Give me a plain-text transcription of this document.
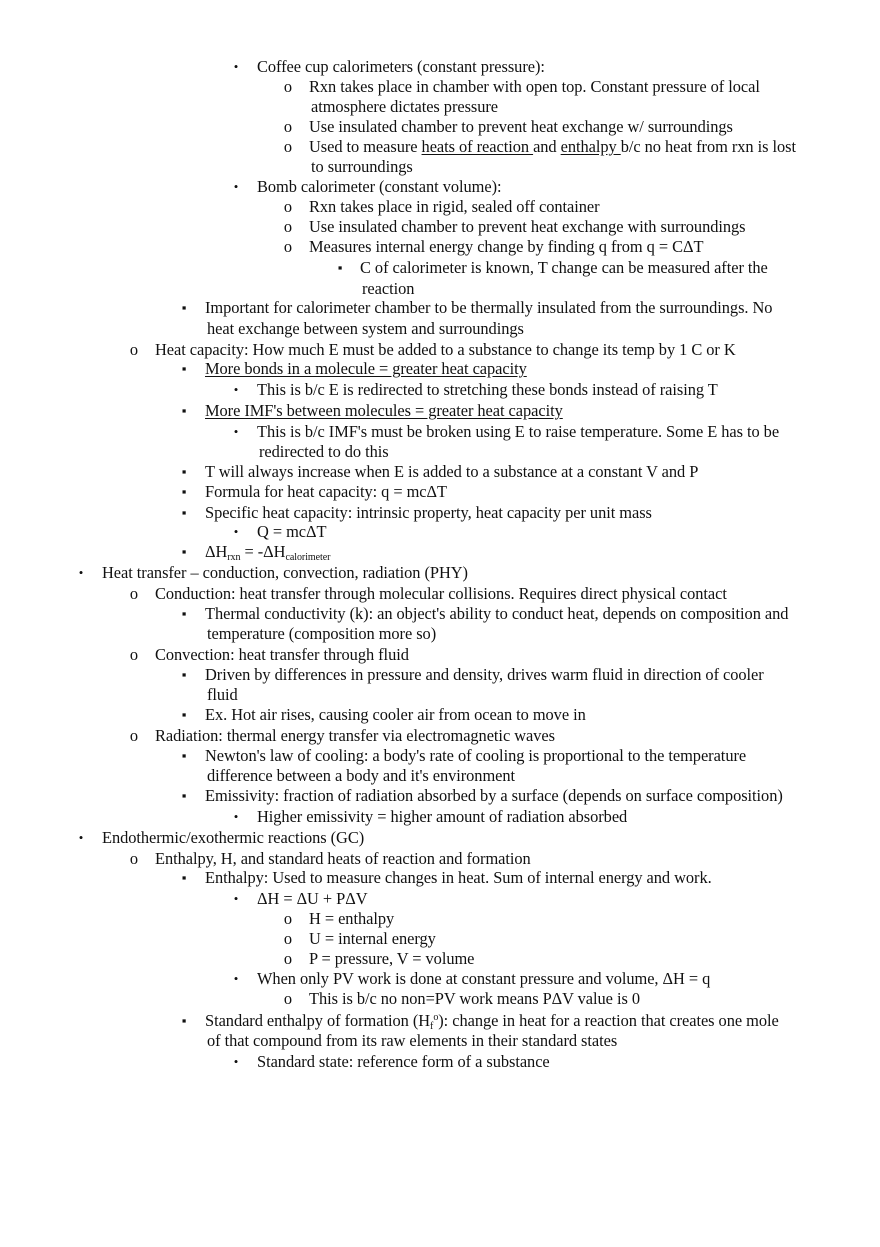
• Coffee cup calorimeters (constant pressure):
o Rxn takes place in chamber with open top. Constant pressure of local
atmosphere dictates pressure
o Use insulated chamber to prevent heat exchange w/ surroundings
o Used to measure heats of reaction and enthalpy b/c no heat from rxn is lost
to surroundings
• Bomb calorimeter (constant volume):
o Rxn takes place in rigid, sealed off container
o Use insulated chamber to prevent heat exchange with surroundings
o Measures internal energy change by finding q from q = CΔT
▪ C of calorimeter is known, T change can be measured after the
reaction
▪ Important for calorimeter chamber to be thermally insulated from the surroundings. No
heat exchange between system and surroundings
o Heat capacity: How much E must be added to a substance to change its temp by 1 C or K
▪ More bonds in a molecule = greater heat capacity
• This is b/c E is redirected to stretching these bonds instead of raising T
▪ More IMF's between molecules = greater heat capacity
• This is b/c IMF's must be broken using E to raise temperature. Some E has to be
redirected to do this
▪ T will always increase when E is added to a substance at a constant V and P
▪ Formula for heat capacity: q = mcΔT
▪ Specific heat capacity: intrinsic property, heat capacity per unit mass
• Q = mcΔT
▪ $\Delta H_{rxn} = -\Delta H_{calorimeter}$
• Heat transfer – conduction, convection, radiation (PHY)
o Conduction: heat transfer through molecular collisions. Requires direct physical contact
▪ Thermal conductivity (k): an object's ability to conduct heat, depends on composition and
temperature (composition more so)
o Convection: heat transfer through fluid
▪ Driven by differences in pressure and density, drives warm fluid in direction of cooler
fluid
▪ Ex. Hot air rises, causing cooler air from ocean to move in
o Radiation: thermal energy transfer via electromagnetic waves
▪ Newton's law of cooling: a body's rate of cooling is proportional to the temperature
difference between a body and it's environment
▪ Emissivity: fraction of radiation absorbed by a surface (depends on surface composition)
• Higher emissivity = higher amount of radiation absorbed
• Endothermic/exothermic reactions (GC)
o Enthalpy, H, and standard heats of reaction and formation
▪ Enthalpy: Used to measure changes in heat. Sum of internal energy and work.
• ΔH = ΔU + PΔV
o H = enthalpy
o U = internal energy
o P = pressure, V = volume
• When only PV work is done at constant pressure and volume, ΔH = q
o This is b/c no non=PV work means PΔV value is 0
▪ Standard enthalpy of formation $(H_f^o)$: change in heat for a reaction that creates one mole
of that compound from its raw elements in their standard states
• Standard state: reference form of a substance
